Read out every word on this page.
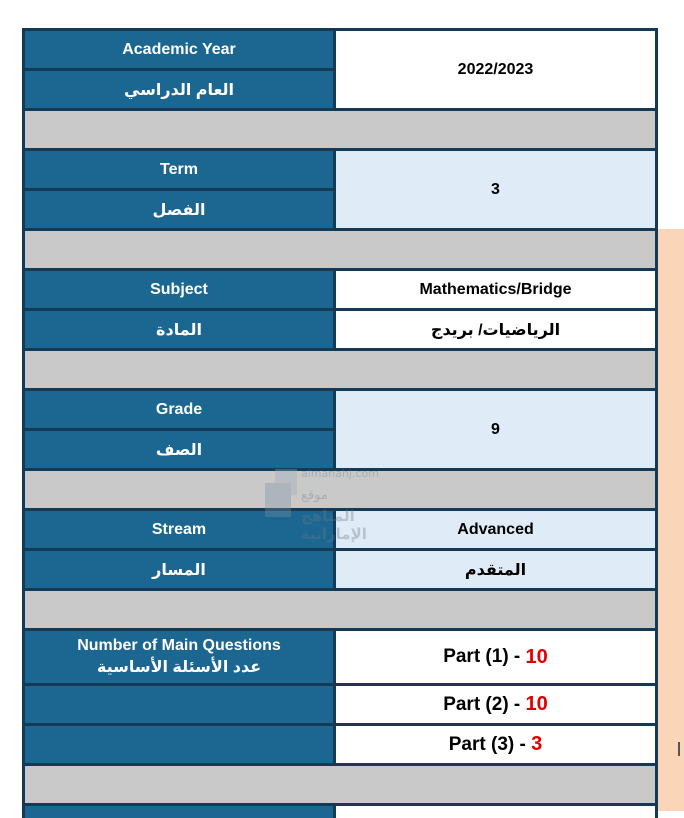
Academic Year
العام الدراسي
2022/2023
Term
الفصل
3
Subject
المادة
Mathematics/Bridge
الرياضيات/ بريدج
Grade
الصف
9
Stream
المسار
Advanced
المتقدم
Number of Main Questions
عدد الأسئلة الأساسية
Part (1) -
10
Part (2) -
10
Part (3) -
3
almanahj.com
موقع
المناهج الإماراتية
